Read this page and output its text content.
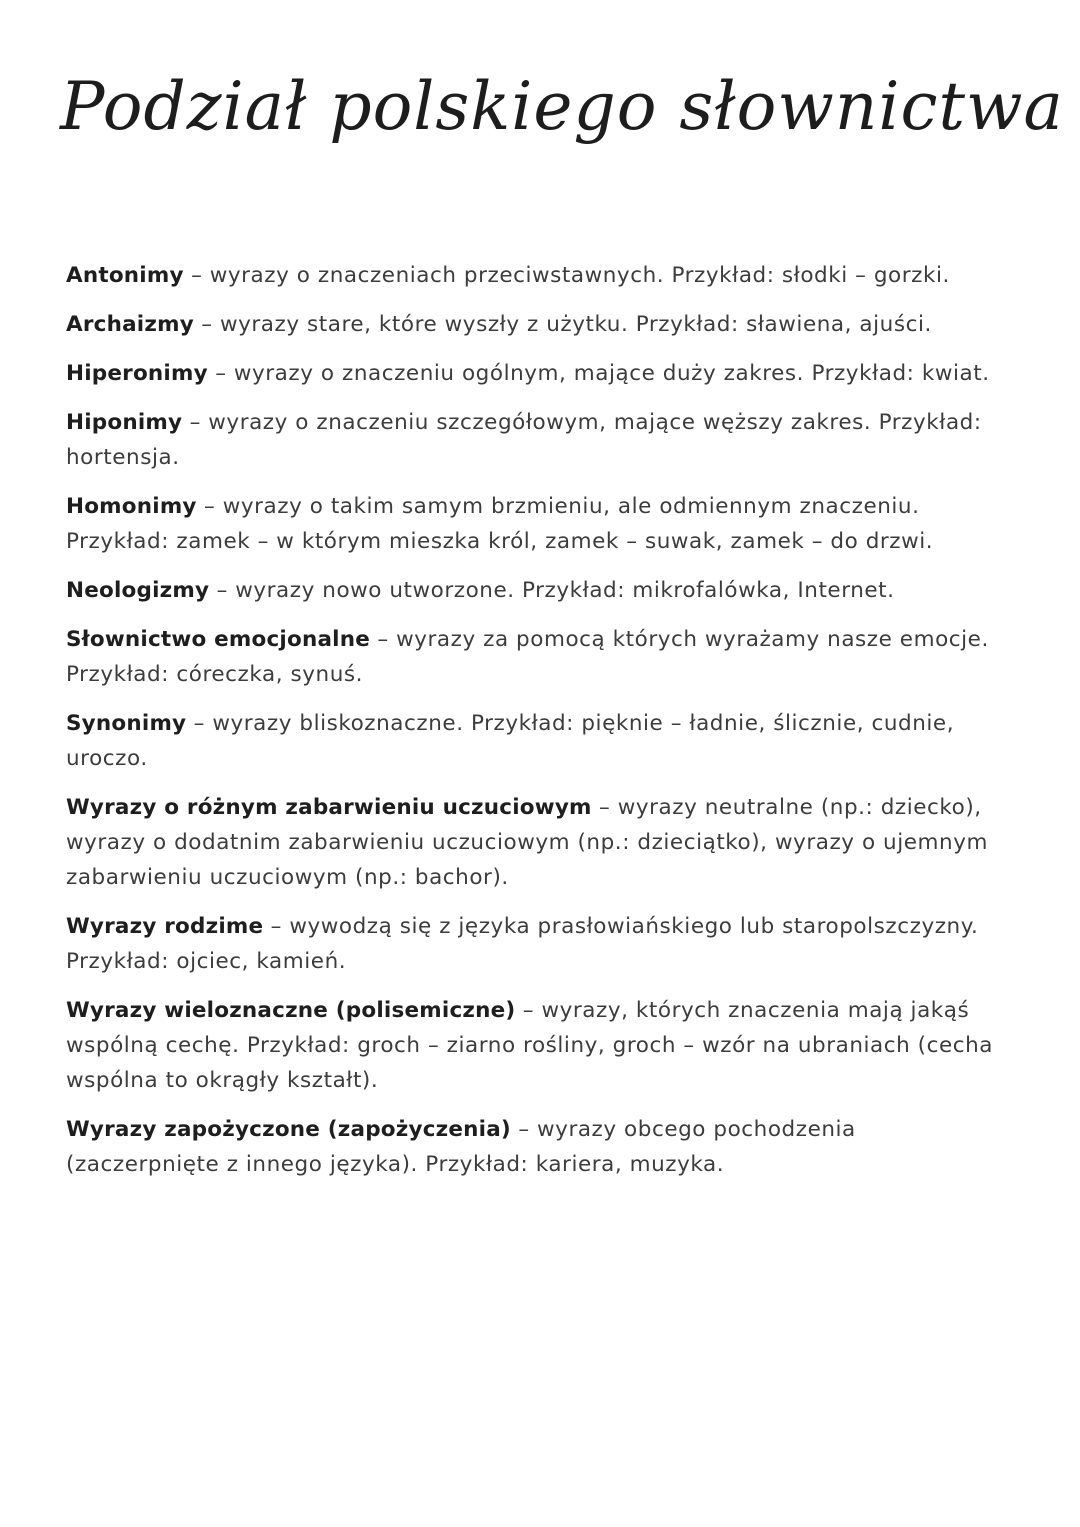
Podział polskiego słownictwa

Antonimy – wyrazy o znaczeniach przeciwstawnych. Przykład: słodki – gorzki.

Archaizmy – wyrazy stare, które wyszły z użytku. Przykład: sławiena, ajuści.

Hiperonimy – wyrazy o znaczeniu ogólnym, mające duży zakres. Przykład: kwiat.

Hiponimy – wyrazy o znaczeniu szczegółowym, mające węższy zakres. Przykład: hortensja.

Homonimy – wyrazy o takim samym brzmieniu, ale odmiennym znaczeniu. Przykład: zamek – w którym mieszka król, zamek – suwak, zamek – do drzwi.

Neologizmy – wyrazy nowo utworzone. Przykład: mikrofalówka, Internet.

Słownictwo emocjonalne – wyrazy za pomocą których wyrażamy nasze emocje. Przykład: córeczka, synuś.

Synonimy – wyrazy bliskoznaczne. Przykład: pięknie – ładnie, ślicznie, cudnie, uroczo.

Wyrazy o różnym zabarwieniu uczuciowym – wyrazy neutralne (np.: dziecko), wyrazy o dodatnim zabarwieniu uczuciowym (np.: dzieciątko), wyrazy o ujemnym zabarwieniu uczuciowym (np.: bachor).

Wyrazy rodzime – wywodzą się z języka prasłowiańskiego lub staropolszczyzny. Przykład: ojciec, kamień.

Wyrazy wieloznaczne (polisemiczne) – wyrazy, których znaczenia mają jakąś wspólną cechę. Przykład: groch – ziarno rośliny, groch – wzór na ubraniach (cecha wspólna to okrągły kształt).

Wyrazy zapożyczone (zapożyczenia) – wyrazy obcego pochodzenia (zaczerpnięte z innego języka). Przykład: kariera, muzyka.
